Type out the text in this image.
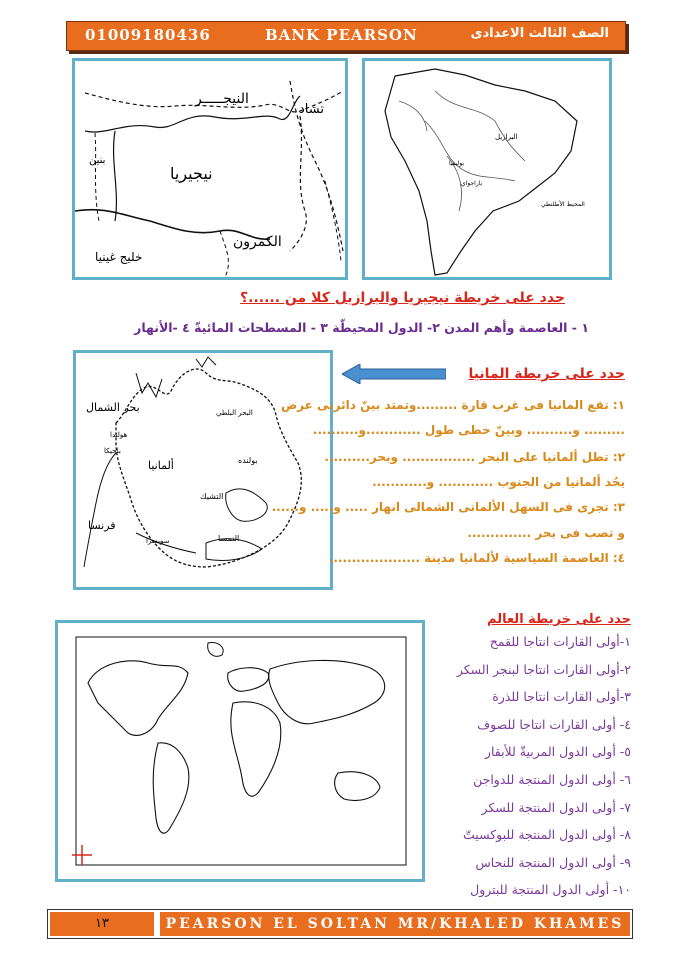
01009180436	BANK PEARSON	الصف الثالث الاعدادى
تشاد
النيجـــــر
بنين
نيجيريا
الكمرون
خليج غينيا
البرازيل
بوليفيا
باراجواي
المحيط الأطلنطي
حدد على خريطة نيجيريا والبرازيل كلا من ......؟
١ - العاصمة وأهم المدن ٢- الدول المحيطّة ٣ - المسطحات المائيةّ ٤ -الأنهار
بحر الشمال	البحر البلطي
بولنده
ألمانيا
هولندا
بلجيكا
التشيك
فرنسا
النمسا
سويسرا
حدد على خريطة المانيا
١: تقع المانيا فى غرب قارة .........وتمتد بينّ دائرتى عرض
......... و.......... وبينّ خطى طول ............و..........
٢: تطل ألمانيا على البحر ................ وبحر..........
يحُد ألمانيا من الجنوب ............ و............
٣: تجرى فى السهل الألمانى الشمالى انهار ..... و..... و......
و تصب فى بحر ..............
٤: العاصمة السياسية لألمانيا مدينة ....................
حدد على خريطة العالم
١-أولى القارات انتاجا للقمح
٢-أولى القارات انتاجا لبنجر السكر
٣-أولى القارات انتاجا للذرة
٤- أولى القارات انتاجا للصوف
٥- أولى الدول المربيةّ للأبقار
٦- أولى الدول المنتجة للدواجن
٧- أولى الدول المنتجة للسكر
٨- أولى الدول المنتجة للبوكسيتّ
٩- أولى الدول المنتجة للنحاس
١٠- أولى الدول المنتجة للبترول
١٣	PEARSON EL SOLTAN MR/KHALED KHAMES
